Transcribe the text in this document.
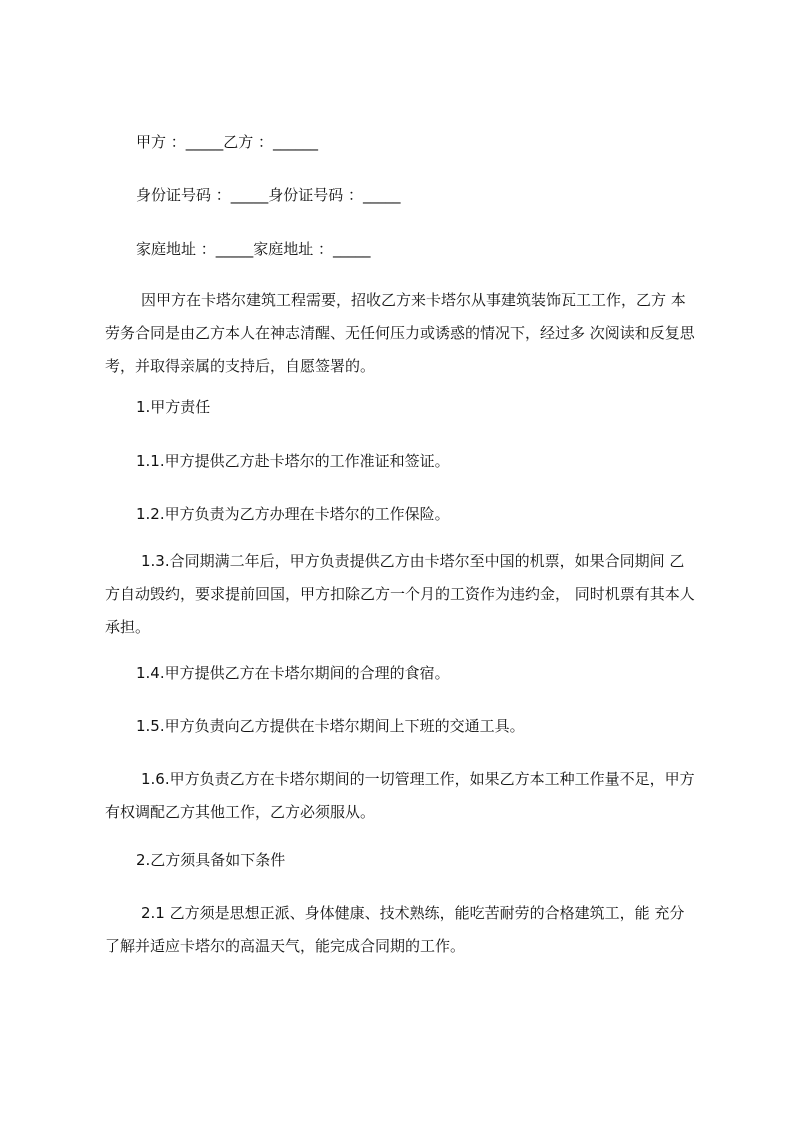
甲方 ：_____乙方 ：______
身份证号码 ：_____身份证号码 ：_____
家庭地址 ：_____家庭地址 ：_____
因甲方在卡塔尔建筑工程需要，招收乙方来卡塔尔从事建筑装饰瓦工工作，乙方 本劳务合同是由乙方本人在神志清醒、无任何压力或诱惑的情况下，经过多 次阅读和反复思考，并取得亲属的支持后，自愿签署的。
1.甲方责任
1.1.甲方提供乙方赴卡塔尔的工作准证和签证。
1.2.甲方负责为乙方办理在卡塔尔的工作保险。
1.3.合同期满二年后，甲方负责提供乙方由卡塔尔至中国的机票，如果合同期间 乙方自动毁约，要求提前回国，甲方扣除乙方一个月的工资作为违约金， 同时机票有其本人承担。
1.4.甲方提供乙方在卡塔尔期间的合理的食宿。
1.5.甲方负责向乙方提供在卡塔尔期间上下班的交通工具。
1.6.甲方负责乙方在卡塔尔期间的一切管理工作，如果乙方本工种工作量不足，甲方有权调配乙方其他工作，乙方必须服从。
2.乙方须具备如下条件
2.1 乙方须是思想正派、身体健康、技术熟练，能吃苦耐劳的合格建筑工，能 充分了解并适应卡塔尔的高温天气，能完成合同期的工作。
